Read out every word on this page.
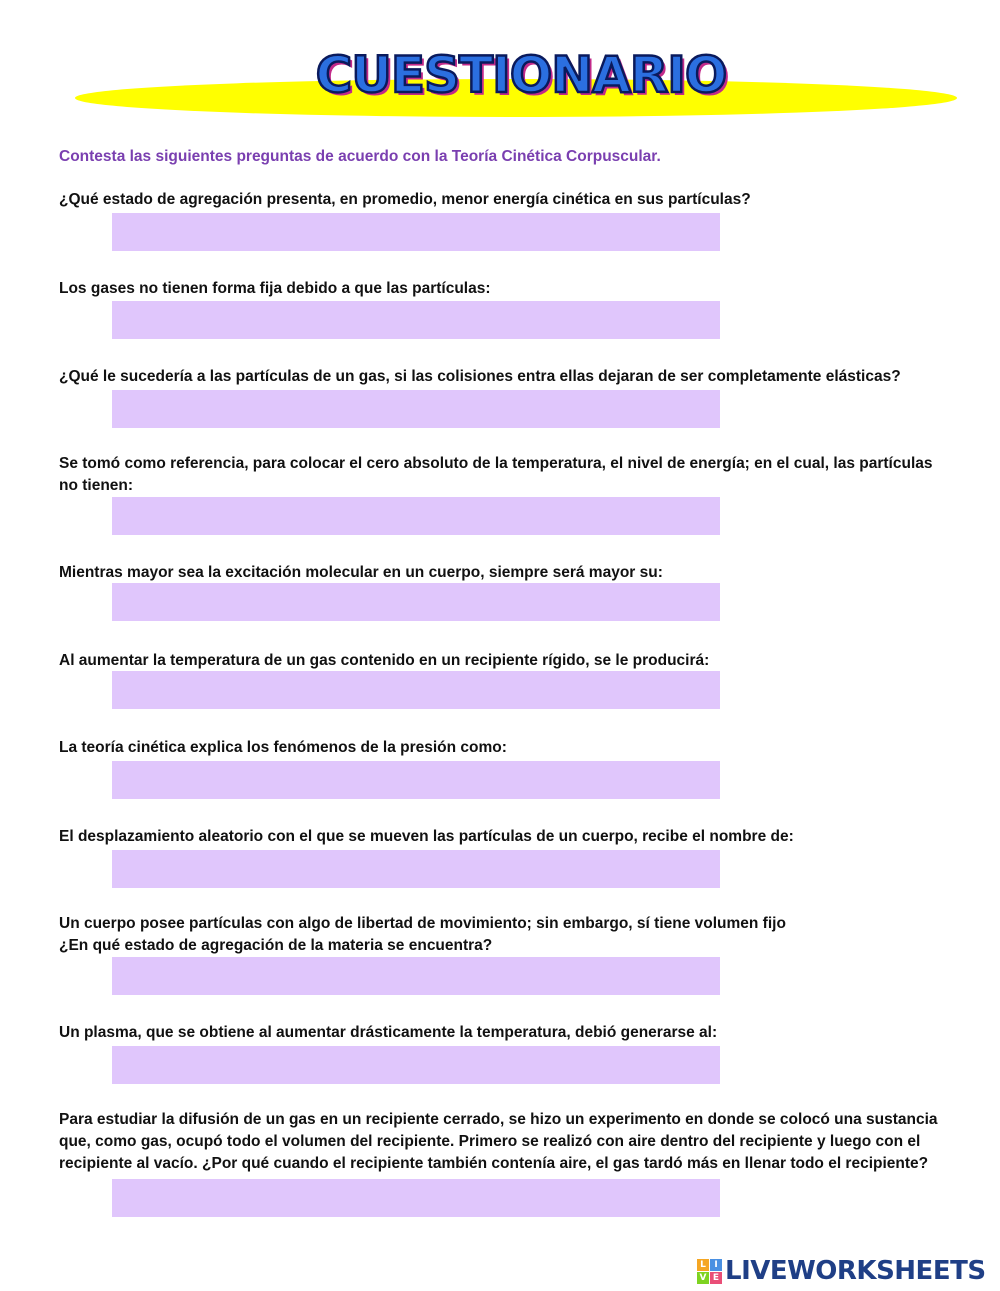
CUESTIONARIO
Contesta las siguientes preguntas de acuerdo con la Teoría Cinética Corpuscular.
¿Qué estado de agregación presenta, en promedio, menor energía cinética en sus partículas?
Los gases no tienen forma fija debido a que las partículas:
¿Qué le sucedería a las partículas de un gas, si las colisiones entra ellas dejaran de ser completamente elásticas?
Se tomó como referencia, para colocar el cero absoluto de la temperatura, el nivel de energía; en el cual, las partículas no tienen:
Mientras mayor sea la excitación molecular en un cuerpo, siempre será mayor su:
Al aumentar la temperatura de un gas contenido en un recipiente rígido, se le producirá:
La teoría cinética explica los fenómenos de la presión como:
El desplazamiento aleatorio con el que se mueven las partículas de un cuerpo, recibe el nombre de:
Un cuerpo posee partículas con algo de libertad de movimiento; sin embargo, sí tiene volumen fijo
¿En qué estado de agregación de la materia se encuentra?
Un plasma, que se obtiene al aumentar drásticamente la temperatura, debió generarse al:
Para estudiar la difusión de un gas en un recipiente cerrado, se hizo un experimento en donde se colocó una sustancia que, como gas, ocupó todo el volumen del recipiente. Primero se realizó con aire dentro del recipiente y luego con el recipiente al vacío. ¿Por qué cuando el recipiente también contenía aire, el gas tardó más en llenar todo el recipiente?
L I
V E LIVEWORKSHEETS
